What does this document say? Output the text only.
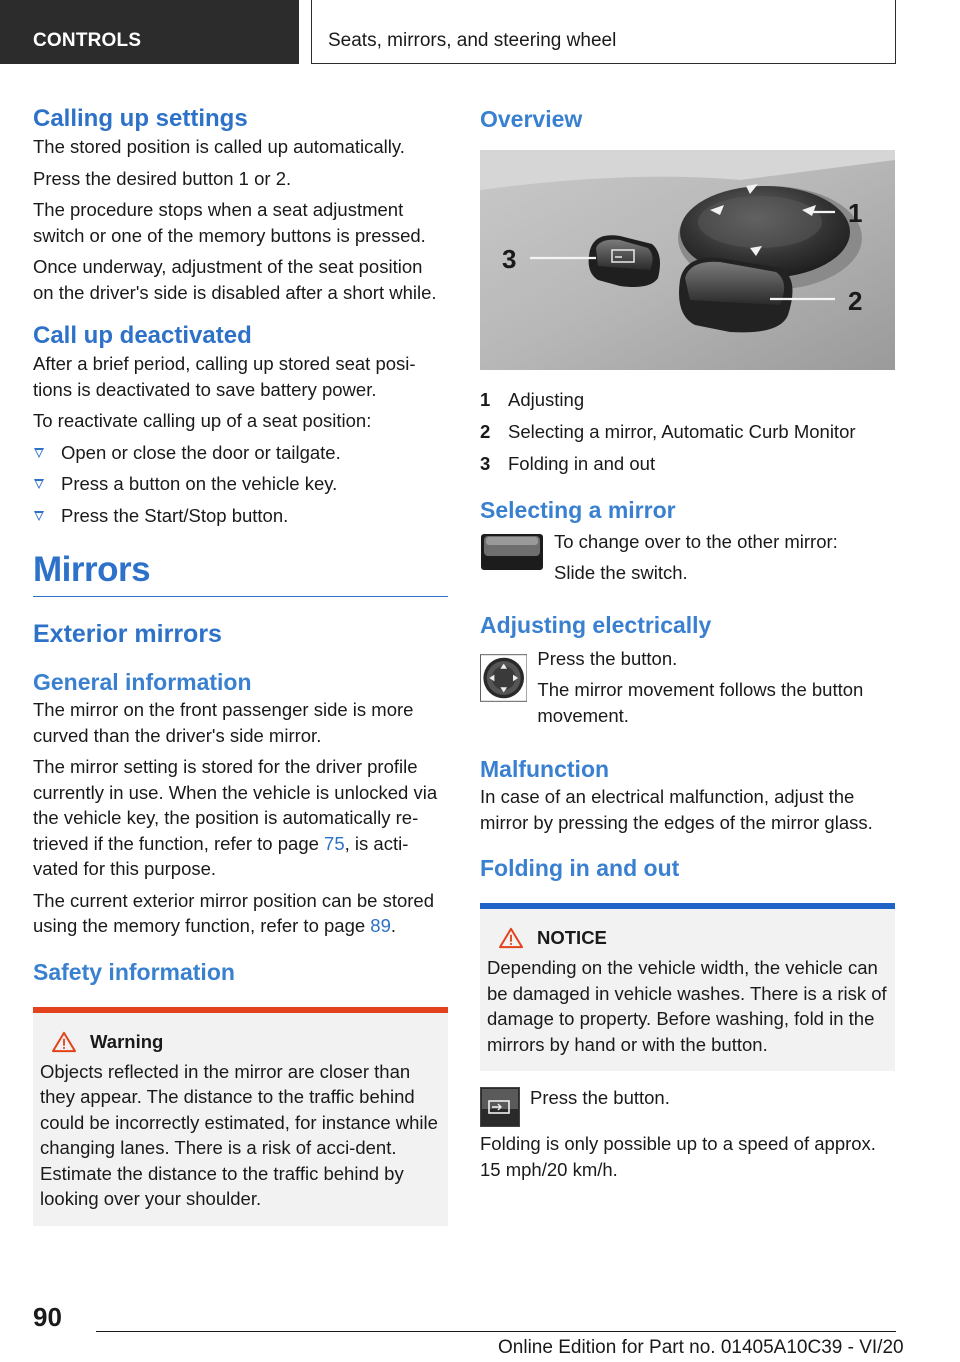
CONTROLS	Seats, mirrors, and steering wheel
Calling up settings

The stored position is called up automatically.

Press the desired button 1 or 2.

The procedure stops when a seat adjustment switch or one of the memory buttons is pressed.

Once underway, adjustment of the seat position on the driver's side is disabled after a short while.

Call up deactivated

After a brief period, calling up stored seat posi‐tions is deactivated to save battery power.

To reactivate calling up of a seat position:

Open or close the door or tailgate.
Press a button on the vehicle key.
Press the Start/Stop button.
Mirrors
Exterior mirrors
General information

The mirror on the front passenger side is more curved than the driver's side mirror.

The mirror setting is stored for the driver profile currently in use. When the vehicle is unlocked via the vehicle key, the position is automatically re‐trieved if the function, refer to page 75, is acti‐vated for this purpose.

The current exterior mirror position can be stored using the memory function, refer to page 89.

Safety information
Warning
Objects reflected in the mirror are closer than they appear. The distance to the traffic behind could be incorrectly estimated, for instance while changing lanes. There is a risk of acci‐dent. Estimate the distance to the traffic behind by looking over your shoulder.
Overview
1
2
3
1 Adjusting
2 Selecting a mirror, Automatic Curb Monitor
3 Folding in and out
Selecting a mirror

To change over to the other mirror:

Slide the switch.

Adjusting electrically

Press the button.

The mirror movement follows the button movement.

Malfunction

In case of an electrical malfunction, adjust the mirror by pressing the edges of the mirror glass.

Folding in and out
NOTICE
Depending on the vehicle width, the vehicle can be damaged in vehicle washes. There is a risk of damage to property. Before washing, fold in the mirrors by hand or with the button.

Press the button.

Folding is only possible up to a speed of approx. 15 mph/20 km/h.

90
Online Edition for Part no. 01405A10C39 - VI/20
